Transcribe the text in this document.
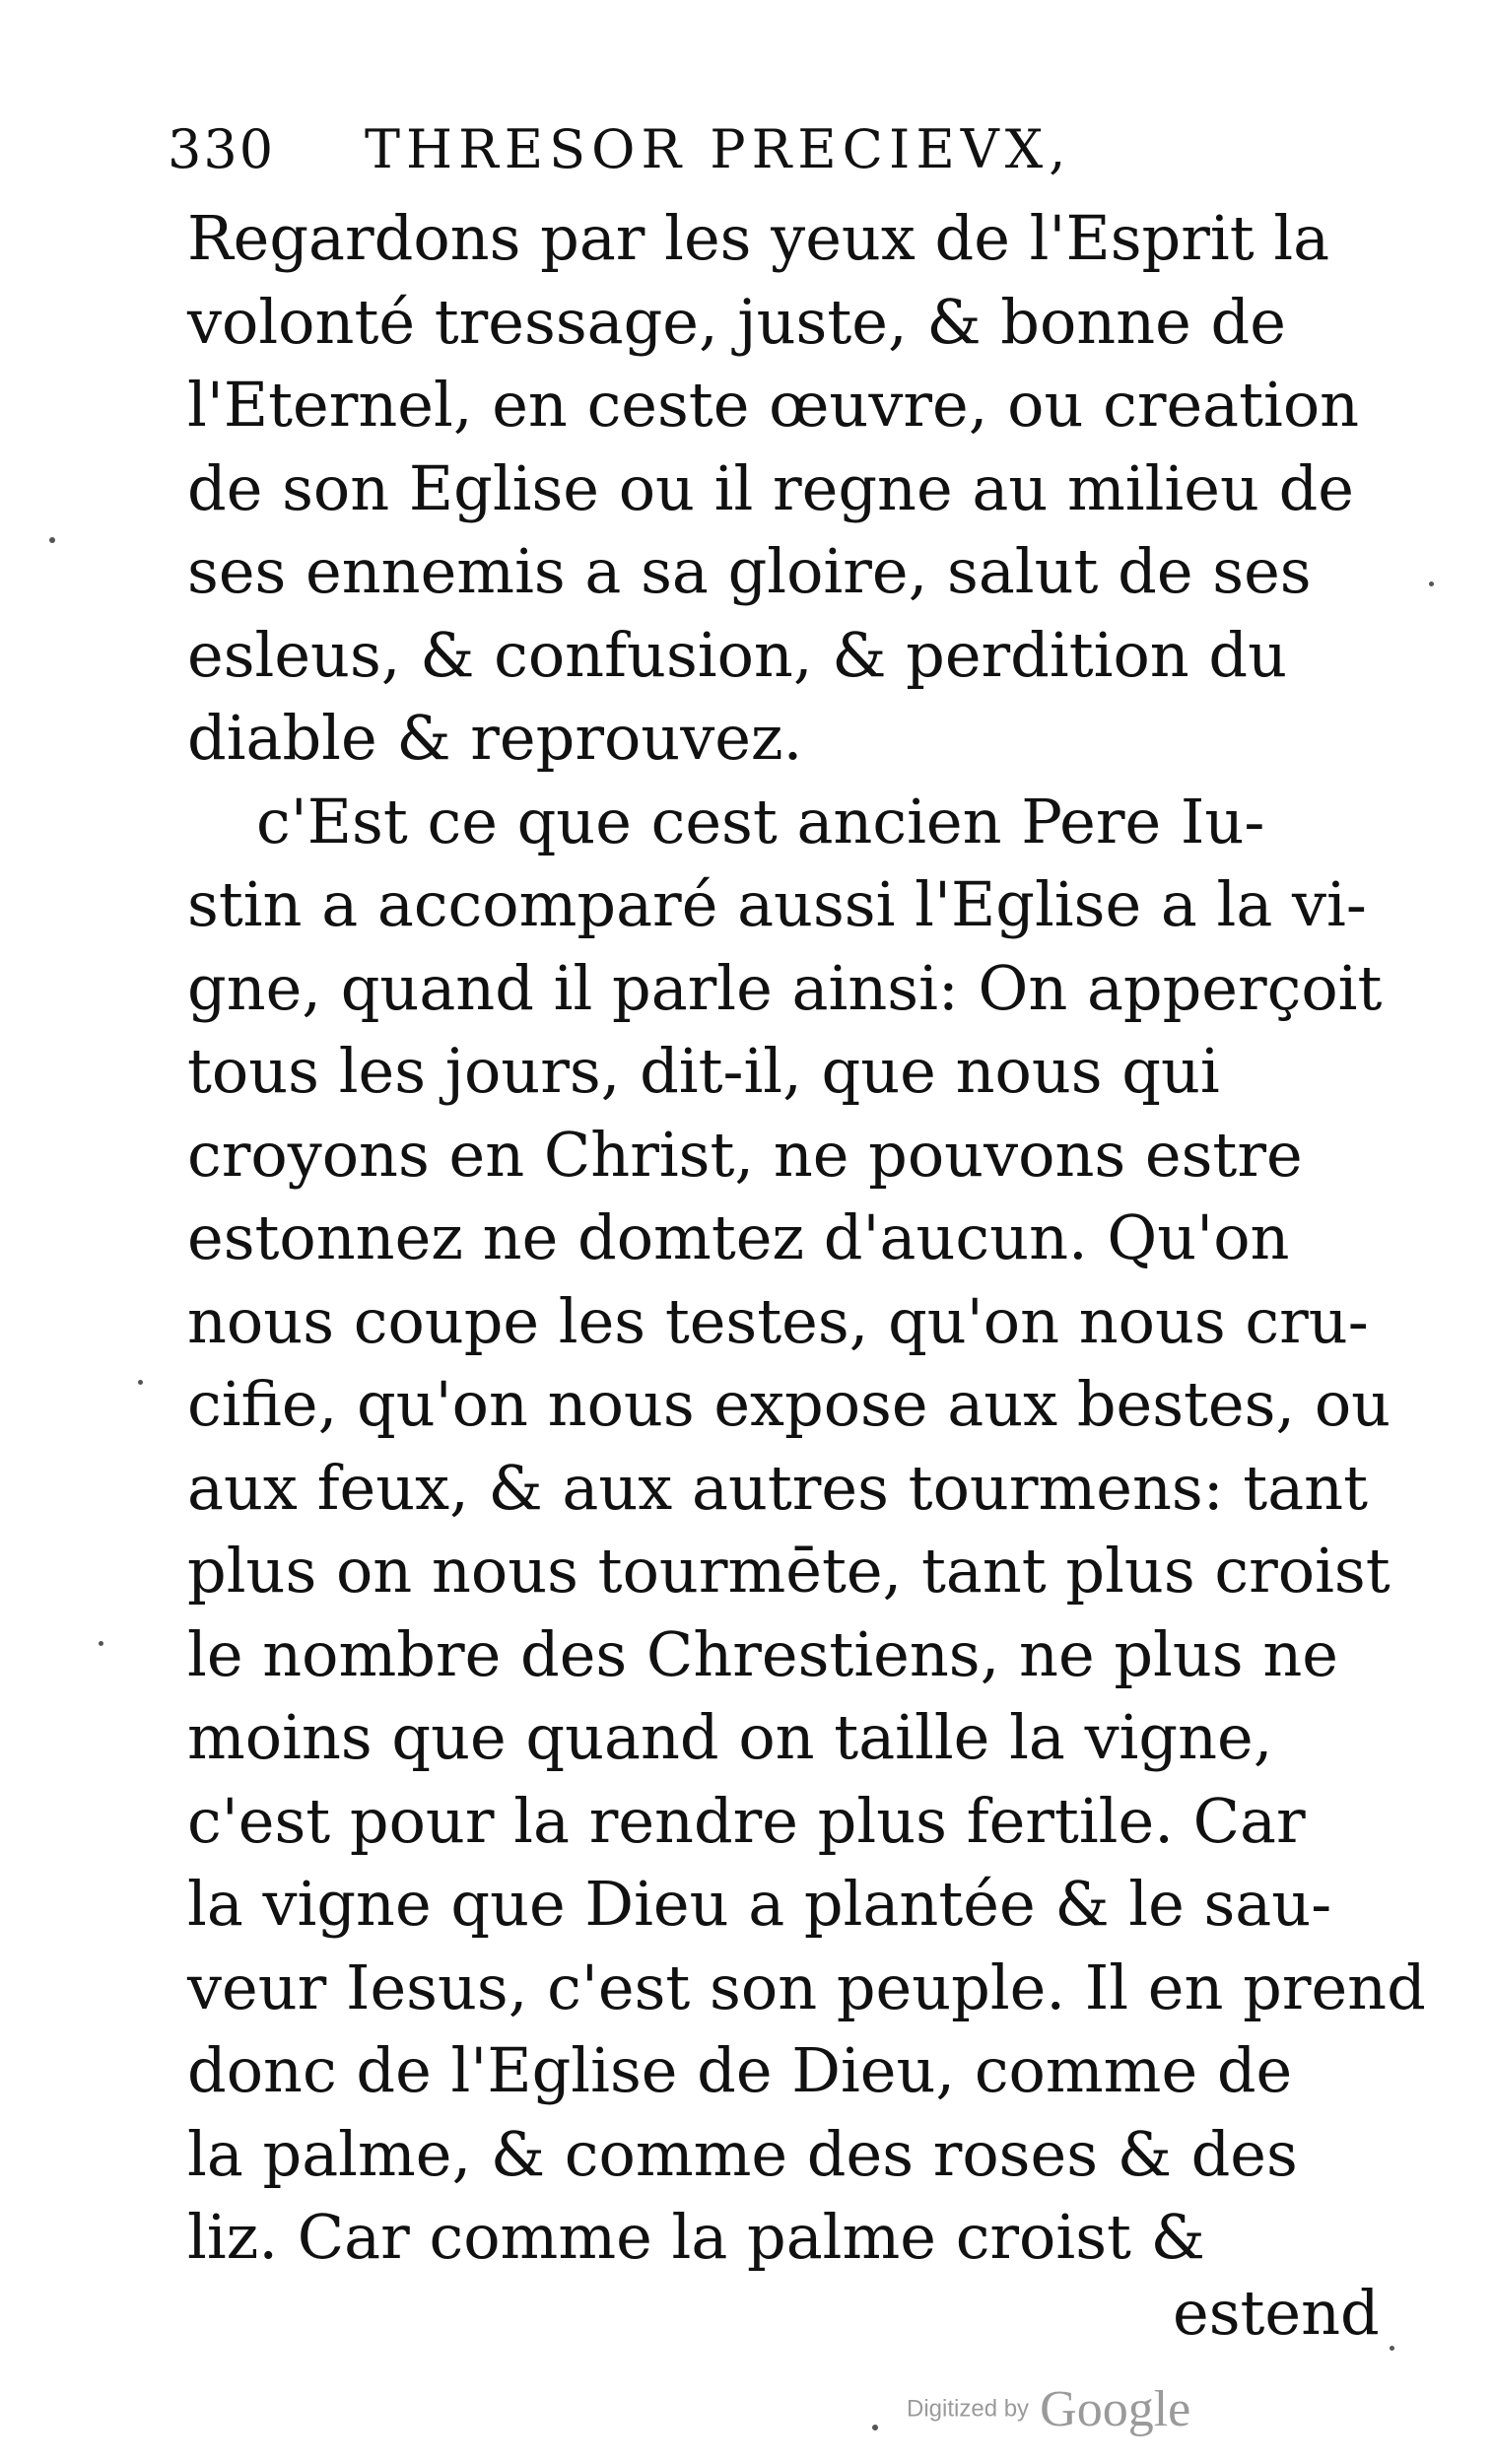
330 THRESOR PRECIEVX,
Regardons par les yeux de l'Esprit la
volonté tressage, juste, & bonne de
l'Eternel, en ceste œuvre, ou creation
de son Eglise ou il regne au milieu de
ses ennemis a sa gloire, salut de ses
esleus, & confusion, & perdition du
diable & reprouvez.
c'Est ce que cest ancien Pere Iu-
stin a accomparé aussi l'Eglise a la vi-
gne, quand il parle ainsi: On apperçoit
tous les jours, dit-il, que nous qui
croyons en Christ, ne pouvons estre
estonnez ne domtez d'aucun. Qu'on
nous coupe les testes, qu'on nous cru-
cifie, qu'on nous expose aux bestes, ou
aux feux, & aux autres tourmens: tant
plus on nous tourmēte, tant plus croist
le nombre des Chrestiens, ne plus ne
moins que quand on taille la vigne,
c'est pour la rendre plus fertile. Car
la vigne que Dieu a plantée & le sau-
veur Iesus, c'est son peuple. Il en prend
donc de l'Eglise de Dieu, comme de
la palme, & comme des roses & des
liz. Car comme la palme croist &
estend
Digitized by Google
